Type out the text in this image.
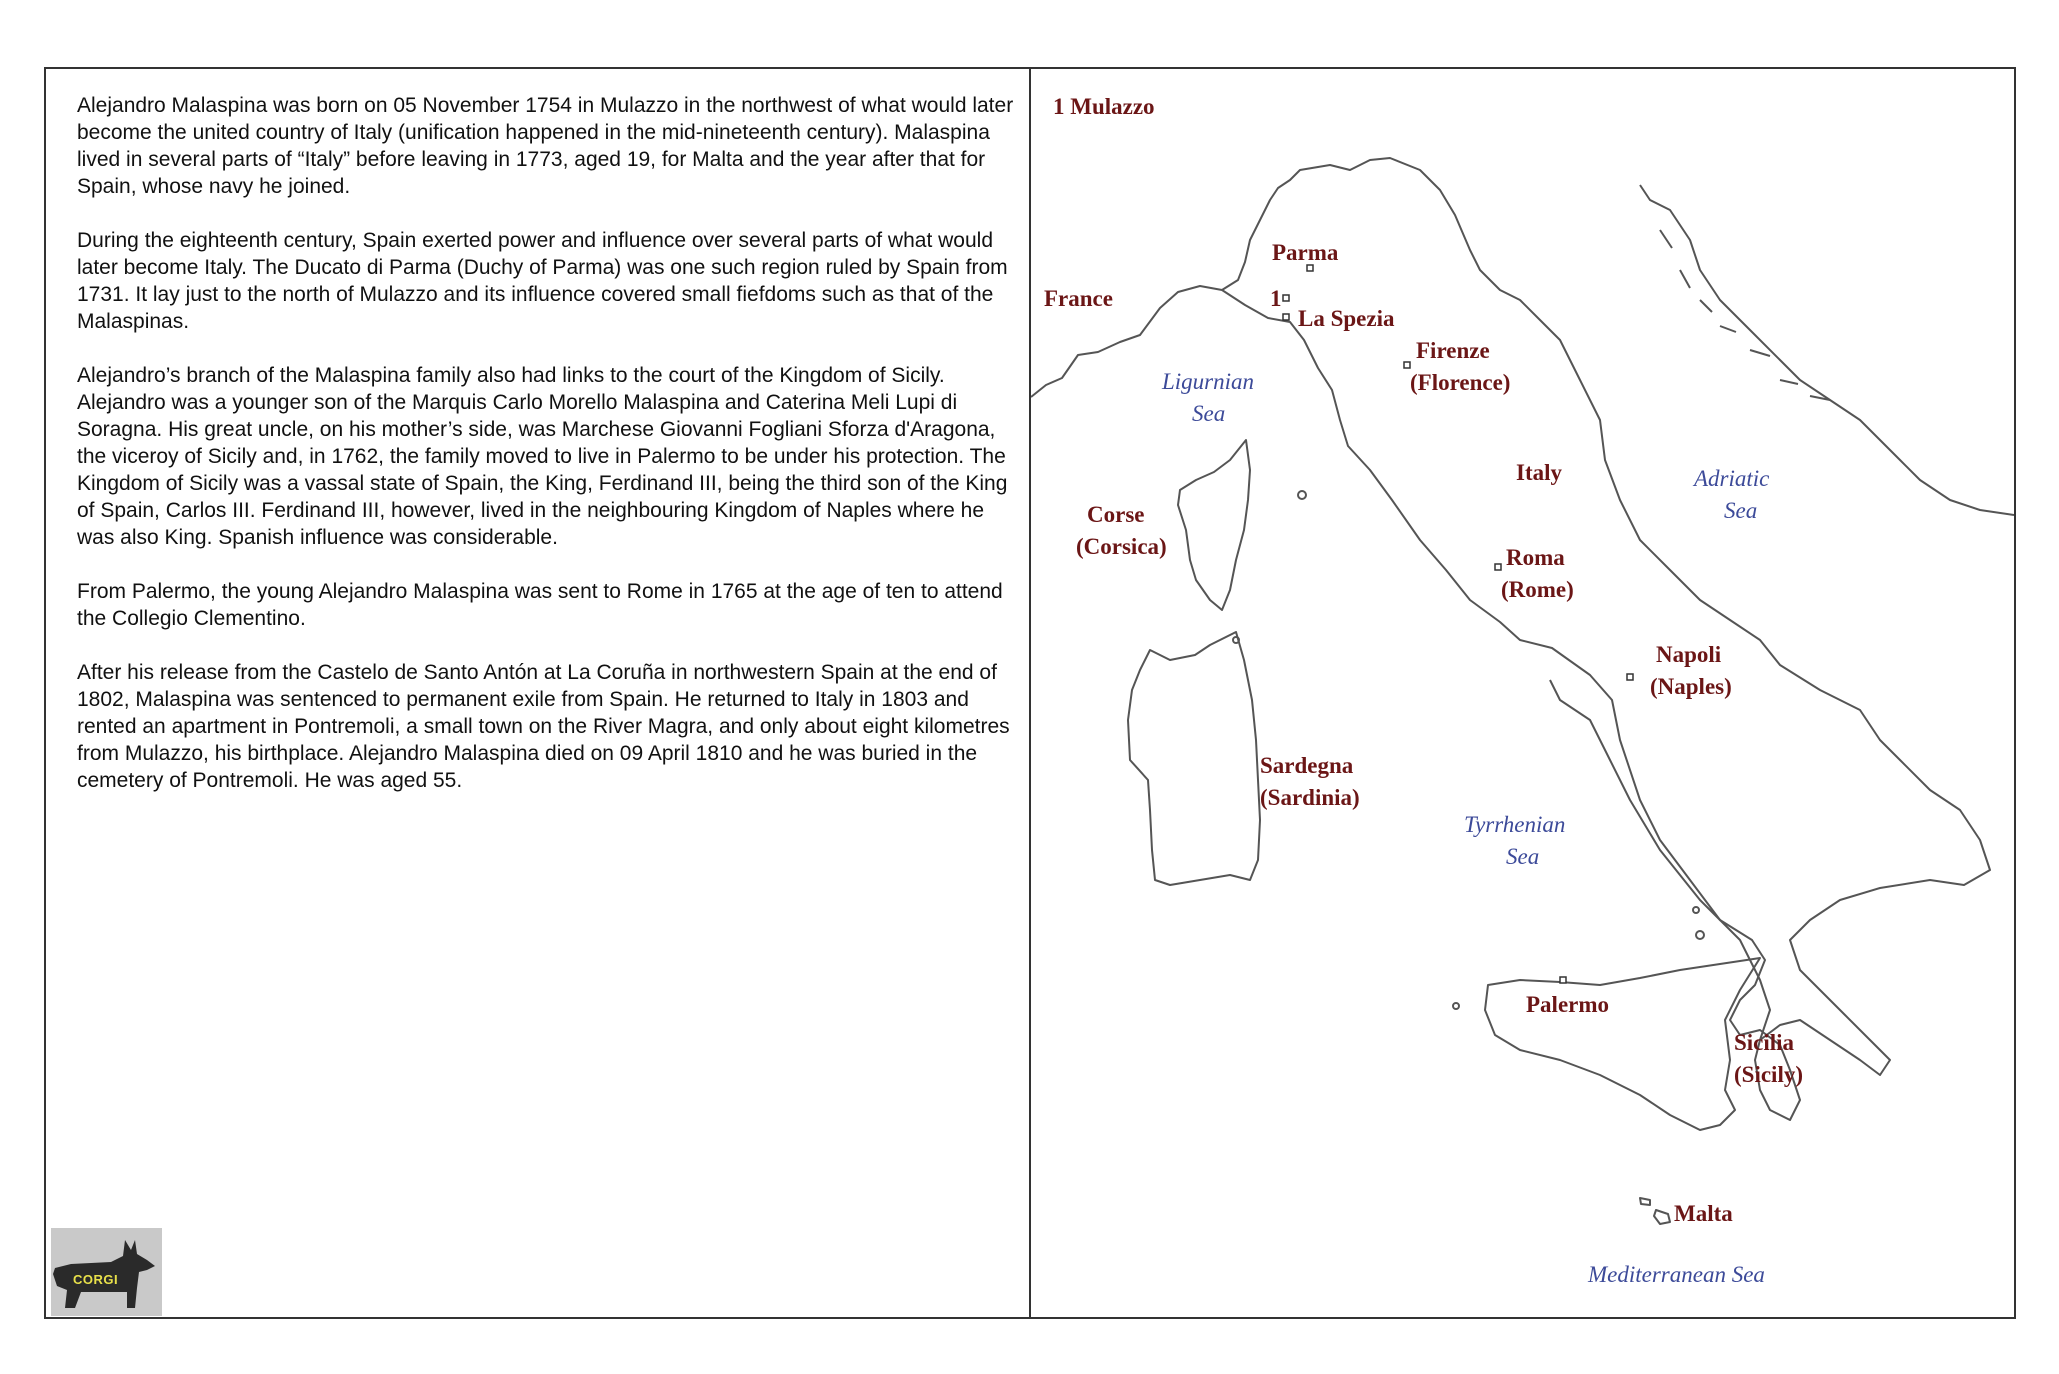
Alejandro Malaspina was born on 05 November 1754 in Mulazzo in the northwest of what would later become the united country of Italy (unification happened in the mid-nineteenth century). Malaspina lived in several parts of “Italy” before leaving in 1773, aged 19, for Malta and the year after that for Spain, whose navy he joined.

During the eighteenth century, Spain exerted power and influence over several parts of what would later become Italy. The Ducato di Parma (Duchy of Parma) was one such region ruled by Spain from 1731. It lay just to the north of Mulazzo and its influence covered small fiefdoms such as that of the Malaspinas.

Alejandro’s branch of the Malaspina family also had links to the court of the Kingdom of Sicily. Alejandro was a younger son of the Marquis Carlo Morello Malaspina and Caterina Meli Lupi di Soragna. His great uncle, on his mother’s side, was Marchese Giovanni Fogliani Sforza d'Aragona, the viceroy of Sicily and, in 1762, the family moved to live in Palermo to be under his protection. The Kingdom of Sicily was a vassal state of Spain, the King, Ferdinand III, being the third son of the King of Spain, Carlos III. Ferdinand III, however, lived in the neighbouring Kingdom of Naples where he was also King. Spanish influence was considerable.

From Palermo, the young Alejandro Malaspina was sent to Rome in 1765 at the age of ten to attend the Collegio Clementino.

After his release from the Castelo de Santo Antón at La Coruña in northwestern Spain at the end of 1802, Malaspina was sentenced to permanent exile from Spain. He returned to Italy in 1803 and rented an apartment in Pontremoli, a small town on the River Magra, and only about eight kilometres from Mulazzo, his birthplace. Alejandro Malaspina died on 09 April 1810 and he was buried in the cemetery of Pontremoli. He was aged 55.

CORGI
1 Mulazzo
France
Parma
1
La Spezia
Firenze
(Florence)
Italy
Corse
(Corsica)	Roma
(Rome)
Napoli
(Naples)
Sardegna
(Sardinia)
Palermo
Sicilia
(Sicily)
Malta
Ligurnian
Sea
Adriatic
Sea
Tyrrhenian
Sea
Mediterranean Sea
